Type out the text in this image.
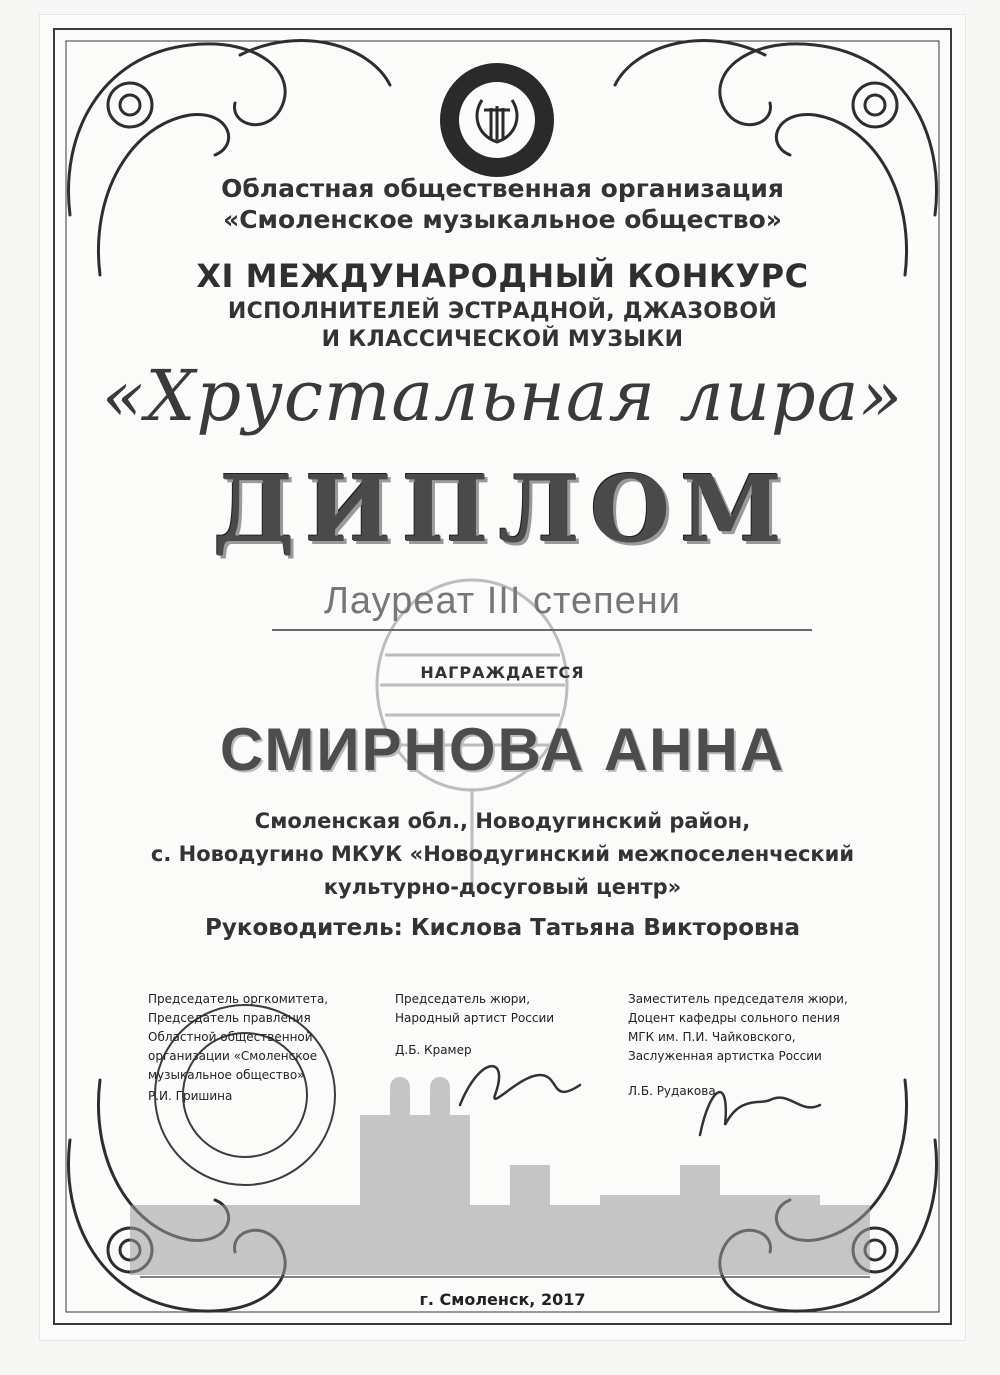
Областная общественная организация
«Смоленское музыкальное общество»
XI МЕЖДУНАРОДНЫЙ КОНКУРС
ИСПОЛНИТЕЛЕЙ ЭСТРАДНОЙ, ДЖАЗОВОЙ
И КЛАССИЧЕСКОЙ МУЗЫКИ
«Хрустальная лира»
ДИПЛОМ
Лауреат III степени
НАГРАЖДАЕТСЯ
СМИРНОВА АННА
Смоленская обл., Новодугинский район,
с. Новодугино МКУК «Новодугинский межпоселенческий
культурно-досуговый центр»
Руководитель: Кислова Татьяна Викторовна
Председатель оргкомитета,
Председатель правления
Областной общественной
организации «Смоленское
музыкальное общество»
Р.И. Гришина
Председатель жюри,
Народный артист России
Д.Б. Крамер
Заместитель председателя жюри,
Доцент кафедры сольного пения
МГК им. П.И. Чайковского,
Заслуженная артистка России
Л.Б. Рудакова
г. Смоленск, 2017
